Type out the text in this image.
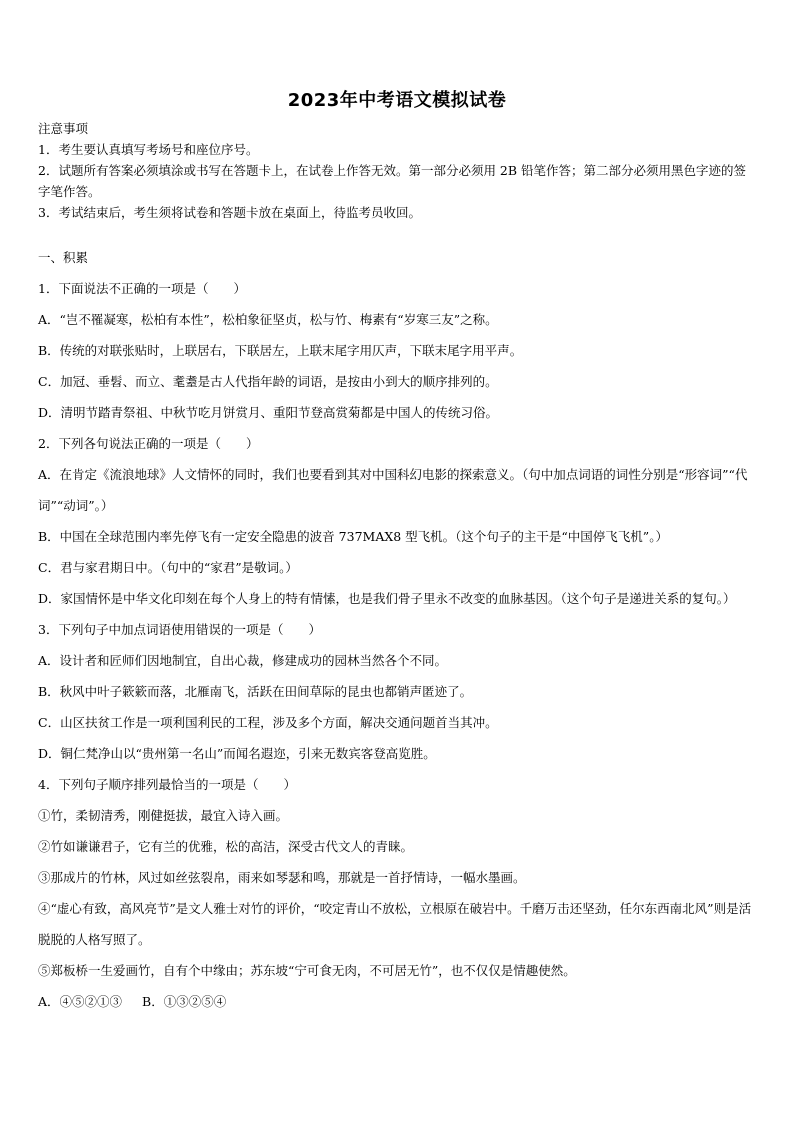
2023年中考语文模拟试卷
注意事项
1．考生要认真填写考场号和座位序号。
2．试题所有答案必须填涂或书写在答题卡上，在试卷上作答无效。第一部分必须用 2B 铅笔作答；第二部分必须用黑色字迹的签字笔作答。
3．考试结束后，考生须将试卷和答题卡放在桌面上，待监考员收回。
一、积累
1．下面说法不正确的一项是（　　）
A．“岂不罹凝寒，松柏有本性”，松柏象征坚贞，松与竹、梅素有“岁寒三友”之称。
B．传统的对联张贴时，上联居右，下联居左，上联末尾字用仄声，下联末尾字用平声。
C．加冠、垂髫、而立、耄耋是古人代指年龄的词语，是按由小到大的顺序排列的。
D．清明节踏青祭祖、中秋节吃月饼赏月、重阳节登高赏菊都是中国人的传统习俗。
2．下列各句说法正确的一项是（　　）
A．在肯定《流浪地球》人文情怀的同时，我们也要看到其对中国科幻电影的探索意义。（句中加点词语的词性分别是“形容词”“代词”“动词”。）
B．中国在全球范围内率先停飞有一定安全隐患的波音 737MAX8 型飞机。（这个句子的主干是“中国停飞飞机”。）
C．君与家君期日中。（句中的“家君”是敬词。）
D．家国情怀是中华文化印刻在每个人身上的特有情愫，也是我们骨子里永不改变的血脉基因。（这个句子是递进关系的复句。）
3．下列句子中加点词语使用错误的一项是（　　）
A．设计者和匠师们因地制宜，自出心裁，修建成功的园林当然各个不同。
B．秋风中叶子簌簌而落，北雁南飞，活跃在田间草际的昆虫也都销声匿迹了。
C．山区扶贫工作是一项利国利民的工程，涉及多个方面，解决交通问题首当其冲。
D．铜仁梵净山以“贵州第一名山”而闻名遐迩，引来无数宾客登高览胜。
4．下列句子顺序排列最恰当的一项是（　　）
①竹，柔韧清秀，刚健挺拔，最宜入诗入画。
②竹如谦谦君子，它有兰的优雅，松的高洁，深受古代文人的青睐。
③那成片的竹林，风过如丝弦裂帛，雨来如琴瑟和鸣，那就是一首抒情诗，一幅水墨画。
④“虚心有致，高风亮节”是文人雅士对竹的评价，“咬定青山不放松，立根原在破岩中。千磨万击还坚劲，任尔东西南北风”则是活脱脱的人格写照了。
⑤郑板桥一生爱画竹，自有个中缘由；苏东坡“宁可食无肉，不可居无竹”，也不仅仅是情趣使然。
A．④⑤②①③ B．①③②⑤④
